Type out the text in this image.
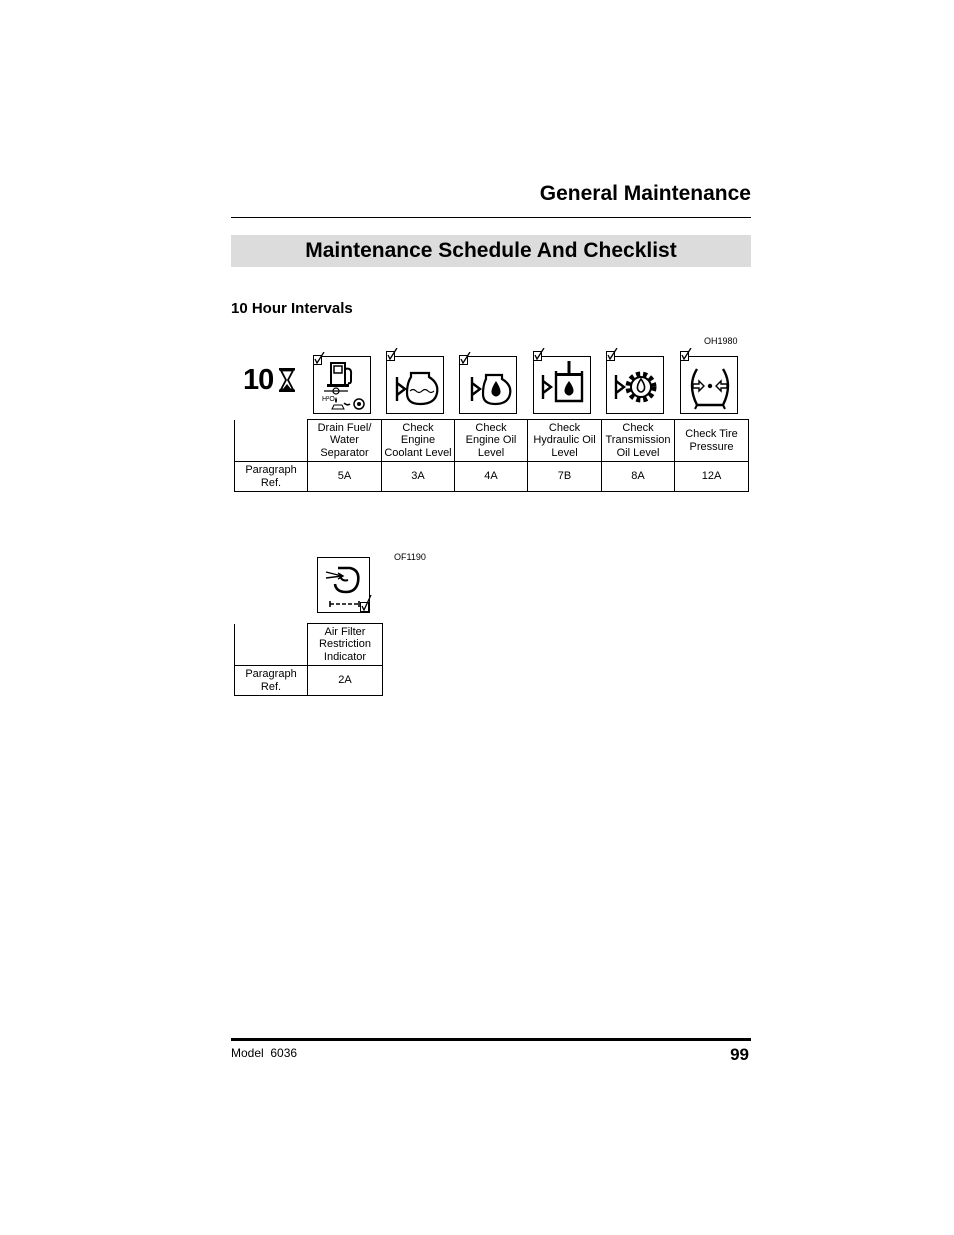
General Maintenance
Maintenance Schedule And Checklist
10 Hour Intervals
OH1980
10
H²O
	Drain Fuel/ Water Separator	Check Engine Coolant Level	Check Engine Oil Level	Check Hydraulic Oil Level	Check Transmission Oil Level	Check Tire Pressure
Paragraph Ref.	5A	3A	4A	7B	8A	12A
OF1190
	Air Filter Restriction Indicator
Paragraph Ref.	2A
Model  6036	99
